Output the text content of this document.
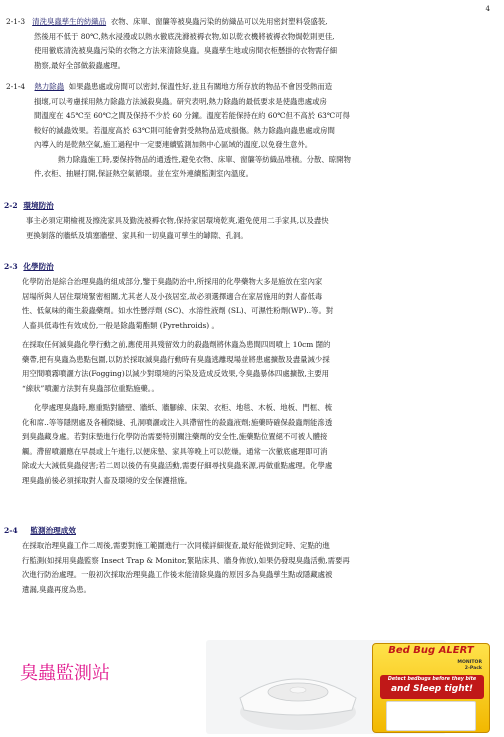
4
2-1-3 清洗臭蟲孳生的紡織品 衣物、床單、窗簾等被臭蟲污染的紡織品可以先用密封塑料袋盛裝,
然後用不低于 80℃,熱水浸漫或以熱水徹底洗滌被褥衣物,如以乾衣機將被褥衣物焗乾則更佳,
使用徹底清洗被臭蟲污染的衣物之方法來清除臭蟲。臭蟲孳生地或房間衣柜懸掛的衣物需仔細
勘察,最好全部做殺蟲處理。
2-1-4 熱力除蟲 如果蟲患處或房間可以密封,保溫性好,並且有關地方所存放的物品不會因受熱而造
損壞,可以考慮採用熱力除蟲方法滅殺臭蟲。研究表明,熱力除蟲的最低要求是使蟲患處或房
間溫度在 45℃至 60℃之間及保持不少於 60 分鐘。溫度若能保持在約 60℃但不高於 63℃可得
較好的滅蟲效果。若溫度高於 63℃則可能會對受熱物品造成損傷。熱力除蟲向蟲患處或房間
內導入的是乾熱空氣,施工過程中一定要連續監測加熱中心區域的溫度,以免發生意外。
熱力除蟲施工時,要保持物品的通透性,避免衣物、床單、窗簾等紡織品堆積。分散、晾開物
件,衣柜、抽屜打開,保証熱空氣循環。並在室外連續監測室內溫度。
2-2 環境防治
事主必須定期檢視及擦洗家具及勤洗被褥衣物,保持家居環境乾爽,避免使用二手家具,以及盡快
更換剝落的牆紙及填塞牆壁、家具和一切臭蟲可孳生的罅隙、孔洞。
2-3 化學防治
化學防治是綜合治理臭蟲的組成部分,鑒于臭蟲防治中,所採用的化學藥物大多是施放在室內家
居場所與人居住環境緊密相關,尤其老人及小孩居室,故必須選擇適合在家居施用的對人畜低毒
性、低氣味的衛生殺蟲藥劑。如水性懸浮劑 (SC)、水溶性液劑 (SL)、可濕性粉劑(WP)..等。對
人畜具低毒性有效成份,一般是除蟲菊酯類 (Pyrethroids) 。
在採取任何滅臭蟲化學行動之前,應使用具殘留效力的殺蟲劑將休蟲為患間四周噴上 10cm 闊的
藥帶,把有臭蟲為患點包圍,以防於採取滅臭蟲行動時有臭蟲逃離現場並將患處擴散及盡量減少採
用空間噴霧噴灑方法(Fogging)以減少對環境的污染及造成反效果,令臭蟲暴体四處擴散,主要用
“線狀”噴灑方法對有臭蟲部位重點施藥。。
化學處理臭蟲時,應重點對牆壁、牆紙、牆腳線、床架、衣柜、地毯、木板、地板、門框、梳
化和席..等等隱閉處及各種隙縫、孔洞噴灑或注入具滯留性的殺蟲液劑;施藥時確保殺蟲劑能滲透
到臭蟲藏身處。若對床墊進行化學防治需要特別關注藥劑的安全性,施藥點位置絕不可被人體接
觸。滯留噴灑應在早晨或上午進行,以便床墊、家具等晚上可以乾燥。通常一次徹底處理即可消
除或大大減低臭蟲侵害;若二周以後仍有臭蟲活動,需要仔細尋找臭蟲來源,再做重點處理。化學處
理臭蟲前後必須採取對人畜及環境的安全保護措施。
2-4 監測治理成效
在採取治理臭蟲工作二周後,需要對施工範圍進行一次同樣詳細復查,最好能做到定時、定點的進
行監測(如採用臭蟲監察 Insect Trap & Monitor,緊貼床具、牆身佈放),如果仍發現臭蟲活動,需要再
次進行防治處理。一般初次採取治理臭蟲工作後未能清除臭蟲的原因多為臭蟲孳生點或隱藏處被
遺漏,臭蟲再度為患。
臭蟲監測站
Bed Bug ALERT
MONITOR
2-Pack
Detect bedbugs before they bite
and Sleep tight!
